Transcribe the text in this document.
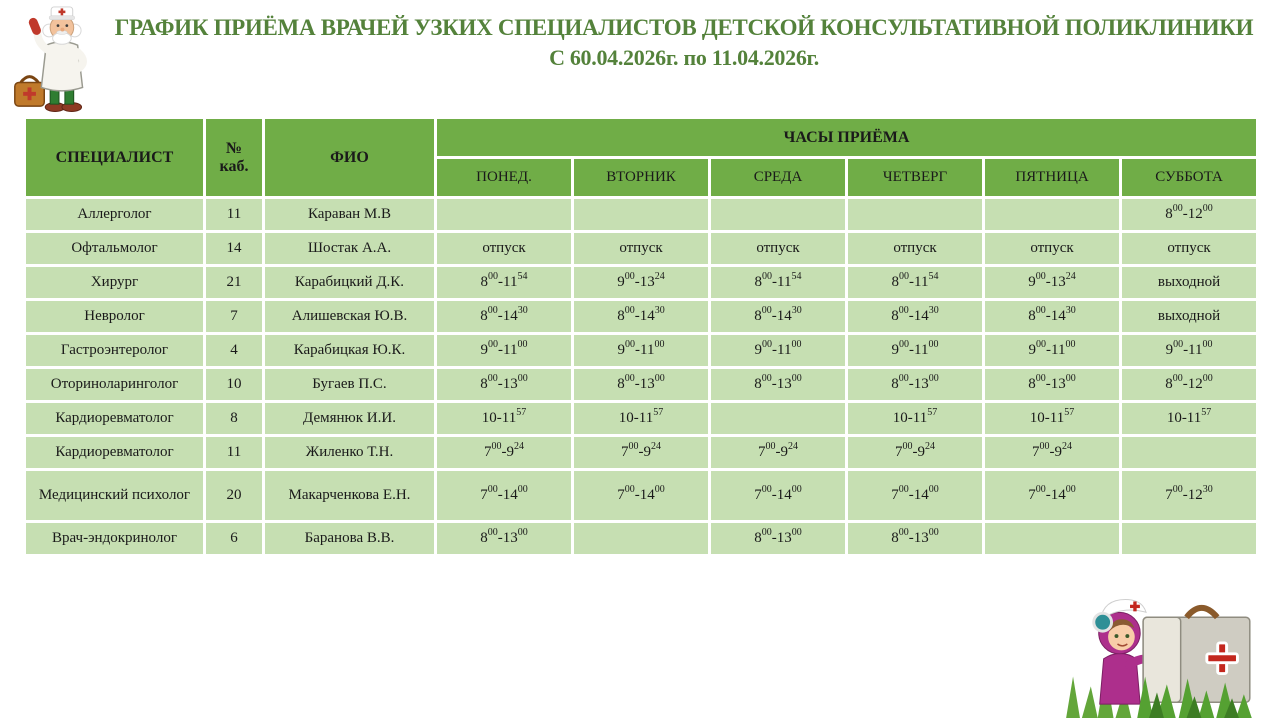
ГРАФИК ПРИЁМА ВРАЧЕЙ УЗКИХ СПЕЦИАЛИСТОВ ДЕТСКОЙ КОНСУЛЬТАТИВНОЙ ПОЛИКЛИНИКИ
С 60.04.2026г. по 11.04.2026г.
СПЕЦИАЛИСТ	№ каб.	ФИО	ЧАСЫ ПРИЁМА					
			ПОНЕД.	ВТОРНИК	СРЕДА	ЧЕТВЕРГ	ПЯТНИЦА	СУББОТА
Аллерголог	11	Караван М.В						$8^{00}-12^{00}$
Офтальмолог	14	Шостак А.А.	отпуск	отпуск	отпуск	отпуск	отпуск	отпуск
Хирург	21	Карабицкий Д.К.	$8^{00}-11^{54}$	$9^{00}-13^{24}$	$8^{00}-11^{54}$	$8^{00}-11^{54}$	$9^{00}-13^{24}$	выходной
Невролог	7	Алишевская Ю.В.	$8^{00}-14^{30}$	$8^{00}-14^{30}$	$8^{00}-14^{30}$	$8^{00}-14^{30}$	$8^{00}-14^{30}$	выходной
Гастроэнтеролог	4	Карабицкая Ю.К.	$9^{00}-11^{00}$	$9^{00}-11^{00}$	$9^{00}-11^{00}$	$9^{00}-11^{00}$	$9^{00}-11^{00}$	$9^{00}-11^{00}$
Оториноларинголог	10	Бугаев П.С.	$8^{00}-13^{00}$	$8^{00}-13^{00}$	$8^{00}-13^{00}$	$8^{00}-13^{00}$	$8^{00}-13^{00}$	$8^{00}-12^{00}$
Кардиоревматолог	8	Демянюк И.И.	$10-11^{57}$	$10-11^{57}$		$10-11^{57}$	$10-11^{57}$	$10-11^{57}$
Кардиоревматолог	11	Жиленко Т.Н.	$7^{00}-9^{24}$	$7^{00}-9^{24}$	$7^{00}-9^{24}$	$7^{00}-9^{24}$	$7^{00}-9^{24}$	
Медицинский психолог	20	Макарченкова Е.Н.	$7^{00}-14^{00}$	$7^{00}-14^{00}$	$7^{00}-14^{00}$	$7^{00}-14^{00}$	$7^{00}-14^{00}$	$7^{00}-12^{30}$
Врач-эндокринолог	6	Баранова В.В.	$8^{00}-13^{00}$		$8^{00}-13^{00}$	$8^{00}-13^{00}$		
